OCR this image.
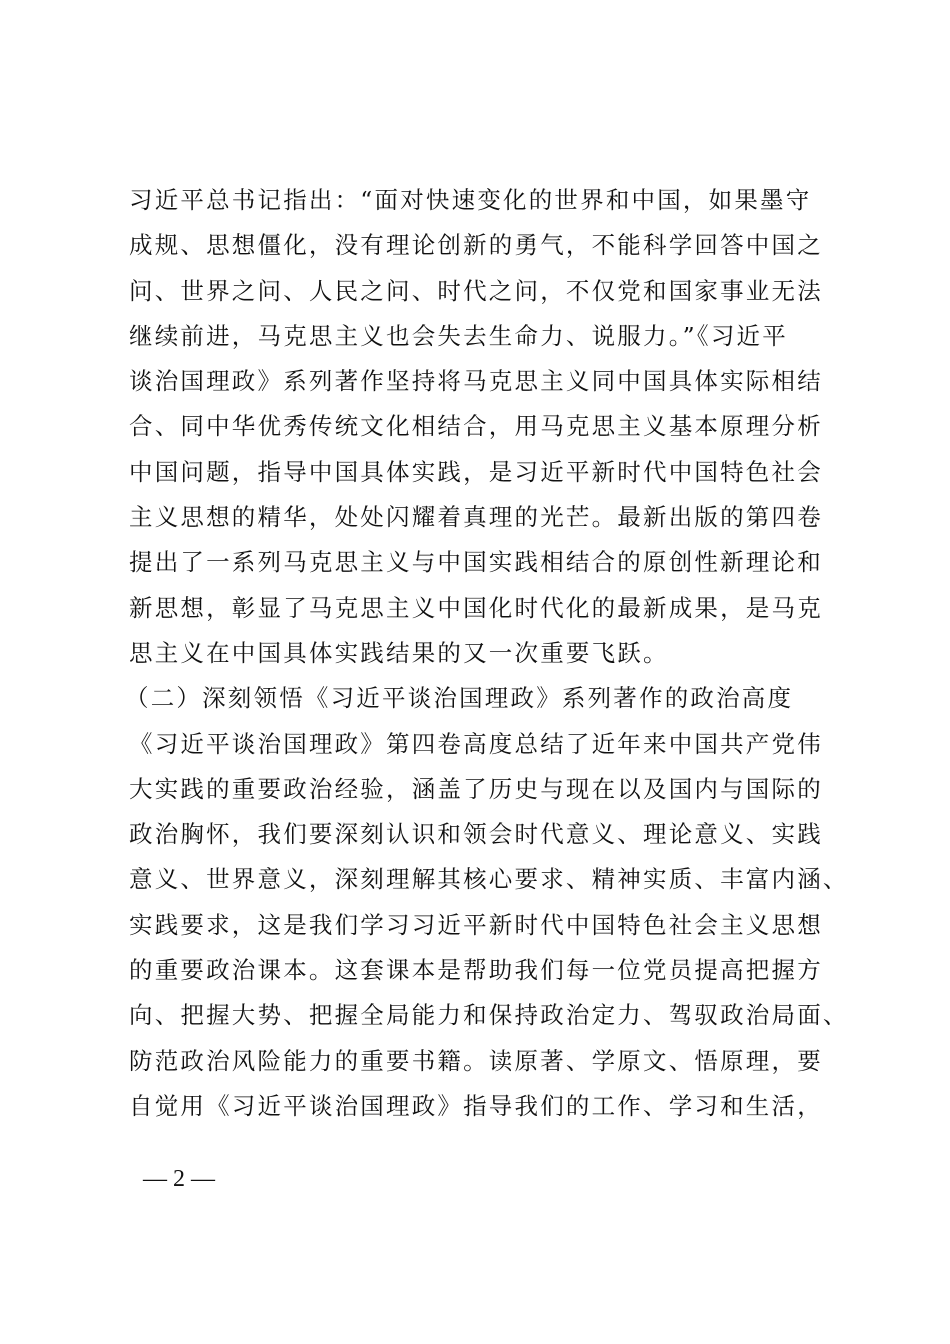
习近平总书记指出：“面对快速变化的世界和中国，如果墨守
成规、思想僵化，没有理论创新的勇气，不能科学回答中国之
问、世界之问、人民之问、时代之问，不仅党和国家事业无法
继续前进，马克思主义也会失去生命力、说服力。”《习近平
谈治国理政》系列著作坚持将马克思主义同中国具体实际相结
合、同中华优秀传统文化相结合，用马克思主义基本原理分析
中国问题，指导中国具体实践，是习近平新时代中国特色社会
主义思想的精华，处处闪耀着真理的光芒。最新出版的第四卷
提出了一系列马克思主义与中国实践相结合的原创性新理论和
新思想，彰显了马克思主义中国化时代化的最新成果，是马克
思主义在中国具体实践结果的又一次重要飞跃。
（二）深刻领悟《习近平谈治国理政》系列著作的政治高度
《习近平谈治国理政》第四卷高度总结了近年来中国共产党伟
大实践的重要政治经验，涵盖了历史与现在以及国内与国际的
政治胸怀，我们要深刻认识和领会时代意义、理论意义、实践
意义、世界意义，深刻理解其核心要求、精神实质、丰富内涵、
实践要求，这是我们学习习近平新时代中国特色社会主义思想
的重要政治课本。这套课本是帮助我们每一位党员提高把握方
向、把握大势、把握全局能力和保持政治定力、驾驭政治局面、
防范政治风险能力的重要书籍。读原著、学原文、悟原理，要
自觉用《习近平谈治国理政》指导我们的工作、学习和生活，
— 2 —
